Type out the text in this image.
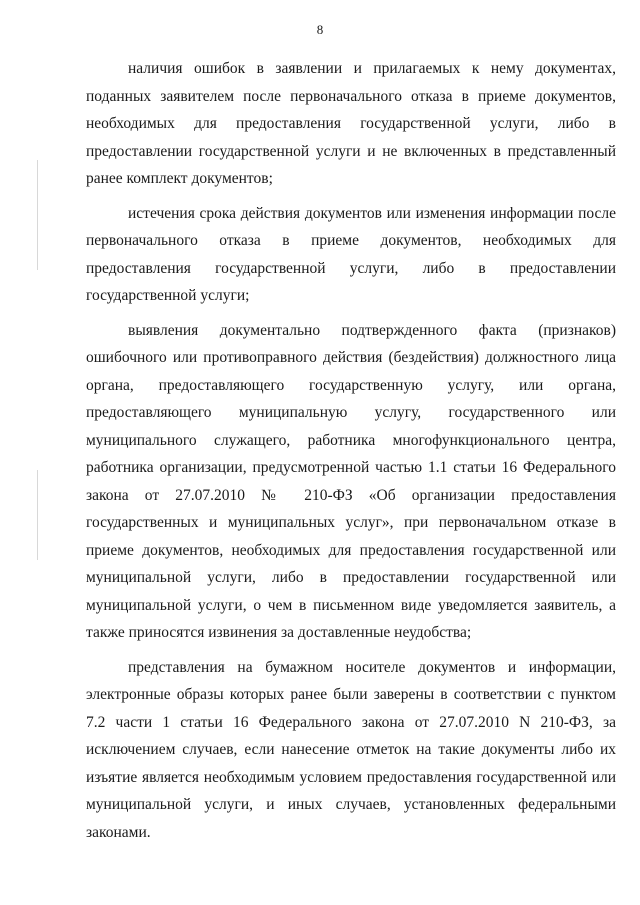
8

наличия ошибок в заявлении и прилагаемых к нему документах, поданных заявителем после первоначального отказа в приеме документов, необходимых для предоставления государственной услуги, либо в предоставлении государственной услуги и не включенных в представленный ранее комплект документов;

истечения срока действия документов или изменения информации после первоначального отказа в приеме документов, необходимых для предоставления государственной услуги, либо в предоставлении государственной услуги;

выявления документально подтвержденного факта (признаков) ошибочного или противоправного действия (бездействия) должностного лица органа, предоставляющего государственную услугу, или органа, предоставляющего муниципальную услугу, государственного или муниципального служащего, работника многофункционального центра, работника организации, предусмотренной частью 1.1 статьи 16 Федерального закона от 27.07.2010 № 210-ФЗ «Об организации предоставления государственных и муниципальных услуг», при первоначальном отказе в приеме документов, необходимых для предоставления государственной или муниципальной услуги, либо в предоставлении государственной или муниципальной услуги, о чем в письменном виде уведомляется заявитель, а также приносятся извинения за доставленные неудобства;

представления на бумажном носителе документов и информации, электронные образы которых ранее были заверены в соответствии с пунктом 7.2 части 1 статьи 16 Федерального закона от 27.07.2010 N 210-ФЗ, за исключением случаев, если нанесение отметок на такие документы либо их изъятие является необходимым условием предоставления государственной или муниципальной услуги, и иных случаев, установленных федеральными законами.
